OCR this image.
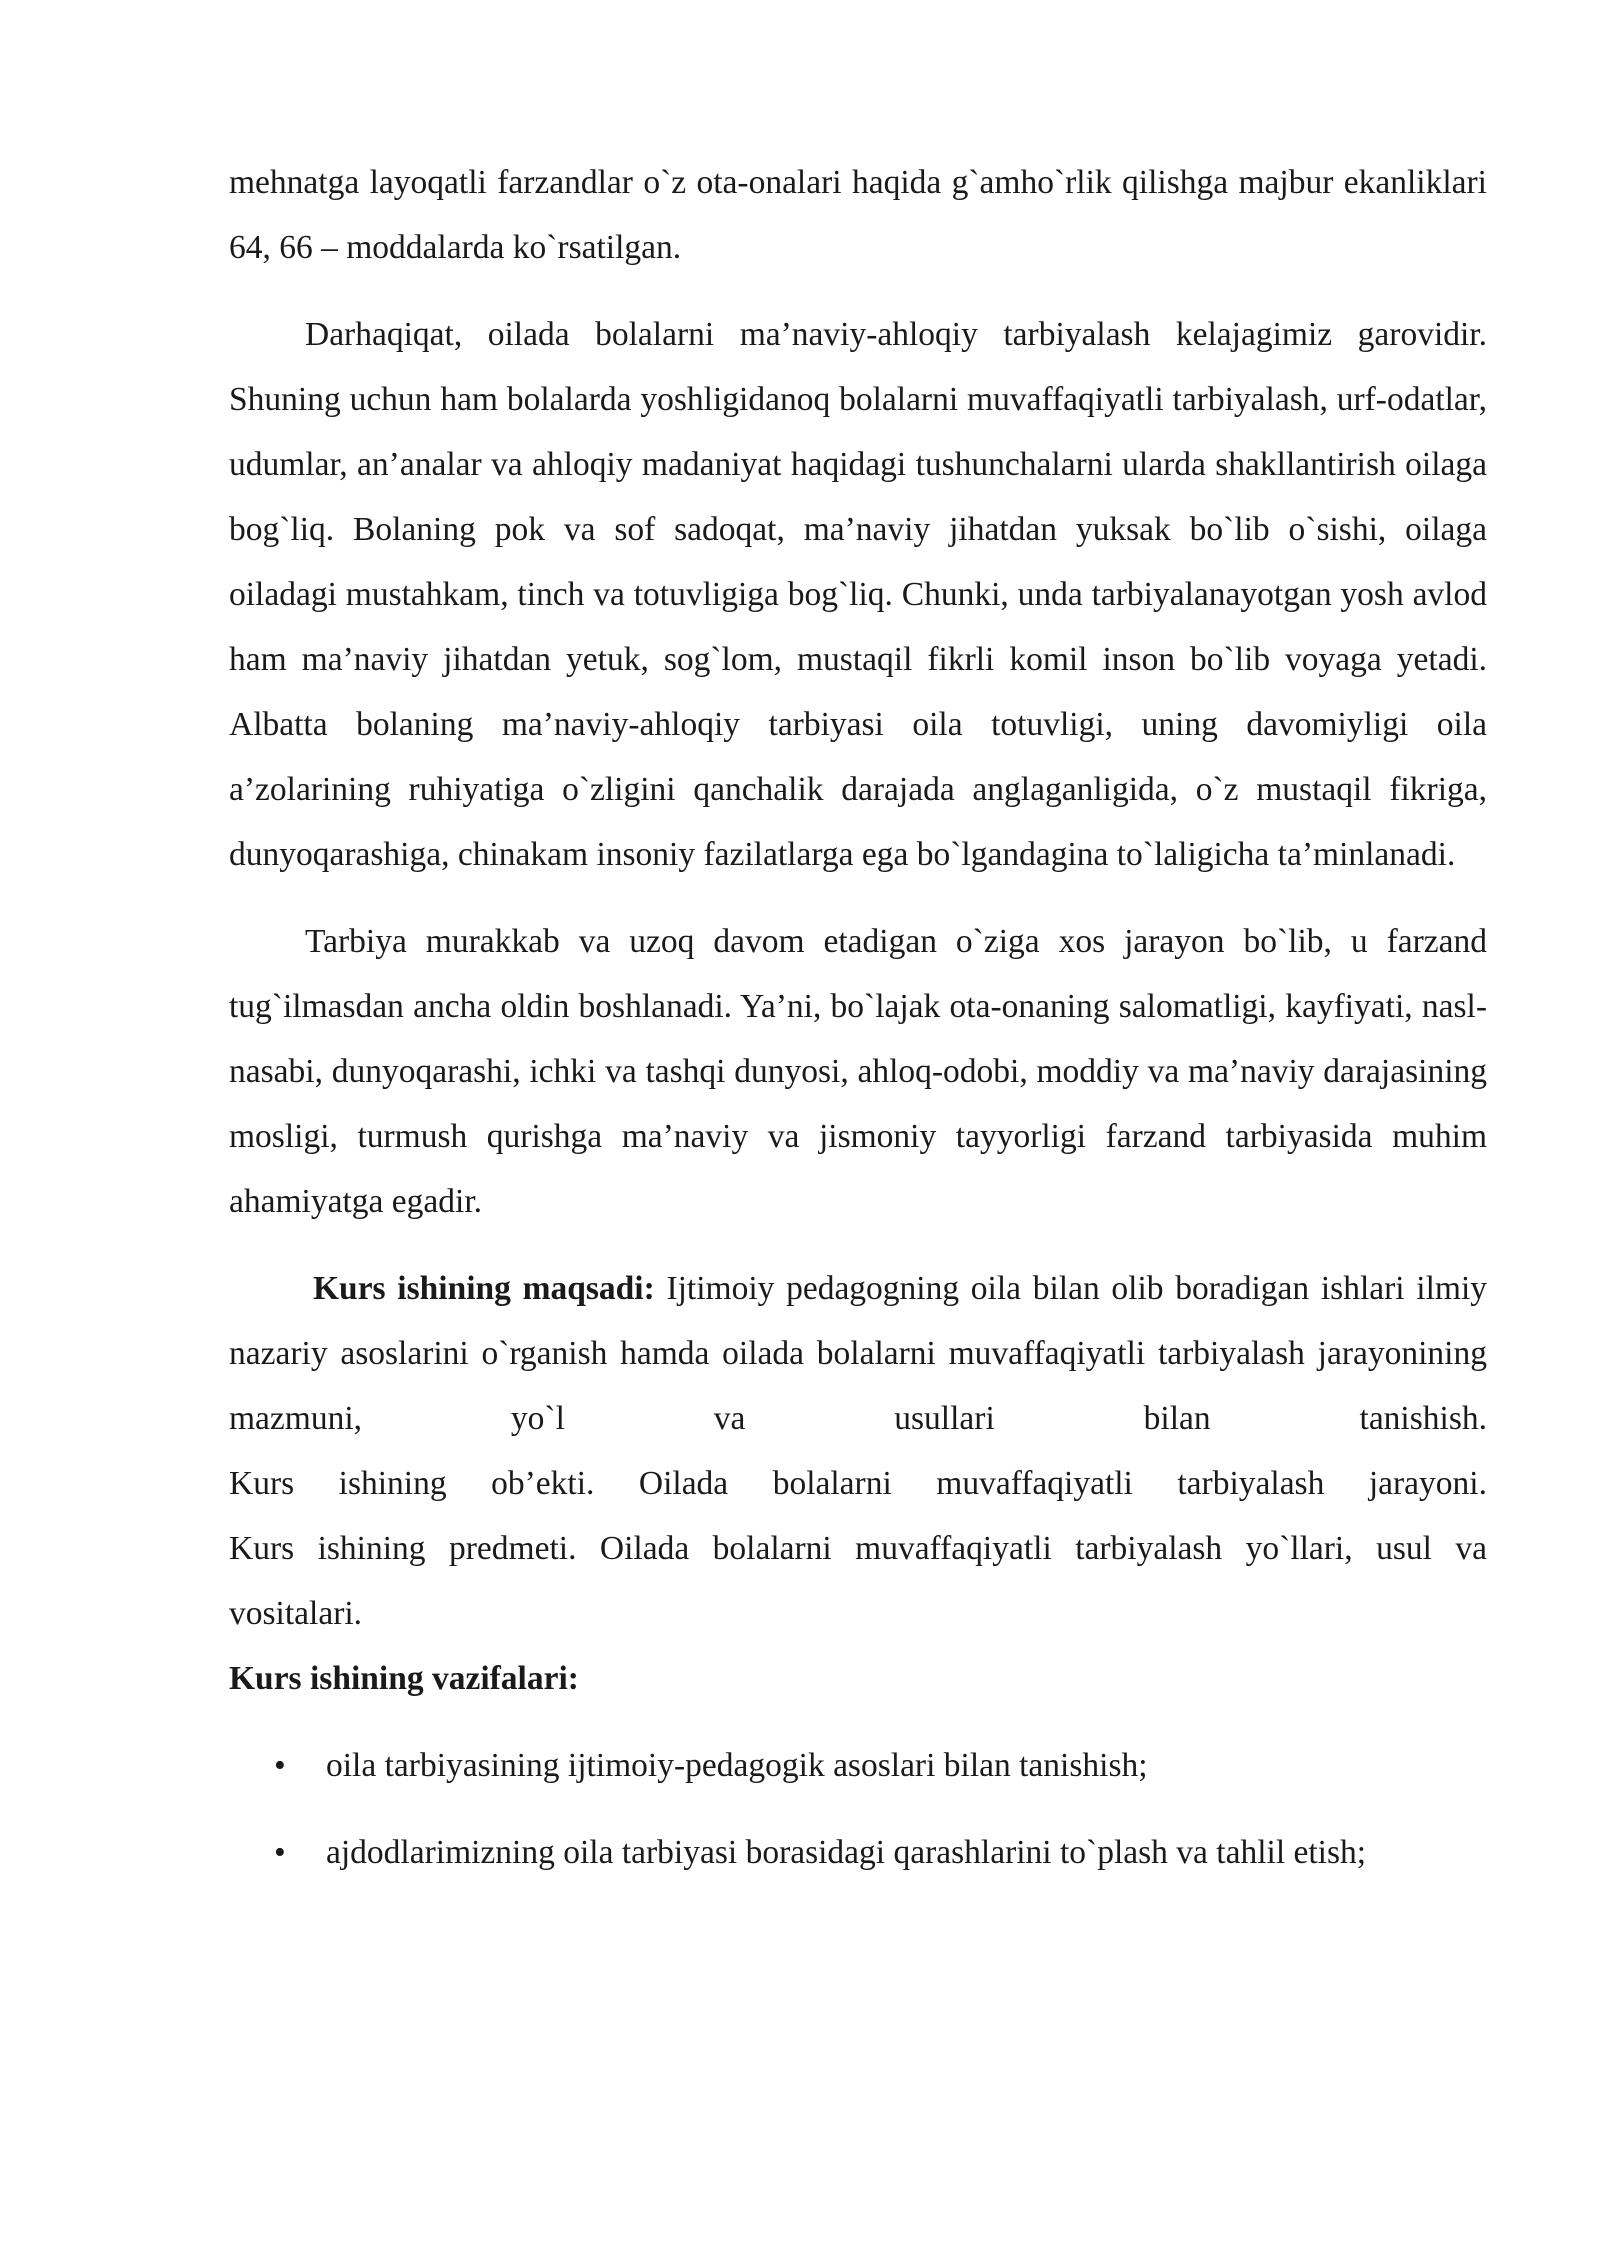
mehnatga layoqatli farzandlar o`z ota-onalari haqida g`amho`rlik qilishga majbur ekanliklari 64, 66 – moddalarda ko`rsatilgan.

Darhaqiqat, oilada bolalarni ma’naviy-ahloqiy tarbiyalash kelajagimiz garovidir. Shuning uchun ham bolalarda yoshligidanoq bolalarni muvaffaqiyatli tarbiyalash, urf-odatlar, udumlar, an’analar va ahloqiy madaniyat haqidagi tushunchalarni ularda shakllantirish oilaga bog`liq. Bolaning pok va sof sadoqat, ma’naviy jihatdan yuksak bo`lib o`sishi, oilaga oiladagi mustahkam, tinch va totuvligiga bog`liq. Chunki, unda tarbiyalanayotgan yosh avlod ham ma’naviy jihatdan yetuk, sog`lom, mustaqil fikrli komil inson bo`lib voyaga yetadi. Albatta bolaning ma’naviy-ahloqiy tarbiyasi oila totuvligi, uning davomiyligi oila a’zolarining ruhiyatiga o`zligini qanchalik darajada anglaganligida, o`z mustaqil fikriga, dunyoqarashiga, chinakam insoniy fazilatlarga ega bo`lgandagina to`laligicha ta’minlanadi.

Tarbiya murakkab va uzoq davom etadigan o`ziga xos jarayon bo`lib, u farzand tug`ilmasdan ancha oldin boshlanadi. Ya’ni, bo`lajak ota-onaning salomatligi, kayfiyati, nasl-nasabi, dunyoqarashi, ichki va tashqi dunyosi, ahloq-odobi, moddiy va ma’naviy darajasining mosligi, turmush qurishga ma’naviy va jismoniy tayyorligi farzand tarbiyasida muhim ahamiyatga egadir.

Kurs ishining maqsadi: Ijtimoiy pedagogning oila bilan olib boradigan ishlari ilmiy nazariy asoslarini o`rganish hamda oilada bolalarni muvaffaqiyatli tarbiyalash jarayonining mazmuni, yo`l va usullari bilan tanishish.

Kurs ishining ob’ekti. Oilada bolalarni muvaffaqiyatli tarbiyalash jarayoni.

Kurs ishining predmeti. Oilada bolalarni muvaffaqiyatli tarbiyalash yo`llari, usul va vositalari.

Kurs ishining vazifalari:

• oila tarbiyasining ijtimoiy-pedagogik asoslari bilan tanishish;
• ajdodlarimizning oila tarbiyasi borasidagi qarashlarini to`plash va tahlil etish;
